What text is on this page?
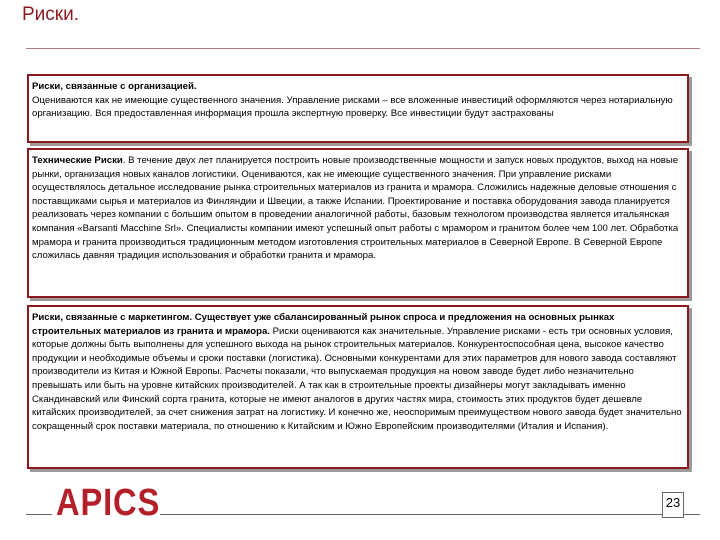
Риски.

Риски, связанные с организацией.
Оцениваются как не имеющие существенного значения. Управление рисками – все вложенные инвестиций оформляются через нотариальную организацию. Вся предоставленная информация прошла экспертную проверку. Все инвестиции будут застрахованы

Технические Риски. В течение двух лет планируется построить новые производственные мощности и запуск новых продуктов, выход на новые рынки, организация новых каналов логистики. Оцениваются, как не имеющие существенного значения. При управление рисками осуществлялось детальное исследование рынка строительных материалов из гранита и мрамора. Сложились надежные деловые отношения с поставщиками сырья и материалов из Финляндии и Швеции, а также Испании. Проектирование и поставка оборудования завода планируется реализовать через компании с большим опытом в проведении аналогичной работы, базовым технологом производства является итальянская компания «Barsanti Macchine Srl». Специалисты компании имеют успешный опыт работы с мрамором и гранитом более чем 100 лет. Обработка мрамора и гранита производиться традиционным методом изготовления строительных материалов в Северной Европе. В Северной Европе сложилась давняя традиция использования и обработки гранита и мрамора.

Риски, связанные с маркетингом. Существует уже сбалансированный рынок спроса и предложения на основных рынках строительных материалов из гранита и мрамора. Риски оцениваются как значительные. Управление рисками - есть три основных условия, которые должны быть выполнены для успешного выхода на рынок строительных материалов. Конкурентоспособная цена, высокое качество продукции и необходимые объемы и сроки поставки (логистика). Основными конкурентами для этих параметров для нового завода составляют производители из Китая и Южной Европы. Расчеты показали, что выпускаемая продукция на новом заводе будет либо незначительно превышать или быть на уровне китайских производителей. А так как в строительные проекты дизайнеры могут закладывать именно Скандинавский или Финский сорта гранита, которые не имеют аналогов в других частях мира, стоимость этих продуктов будет дешевле китайских производителей, за счет снижения затрат на логистику. И конечно же, неоспоримым преимуществом нового завода будет значительно сокращенный срок поставки материала, по отношению к Китайским и Южно Европейским производителями (Италия и Испания).

APICS	23
